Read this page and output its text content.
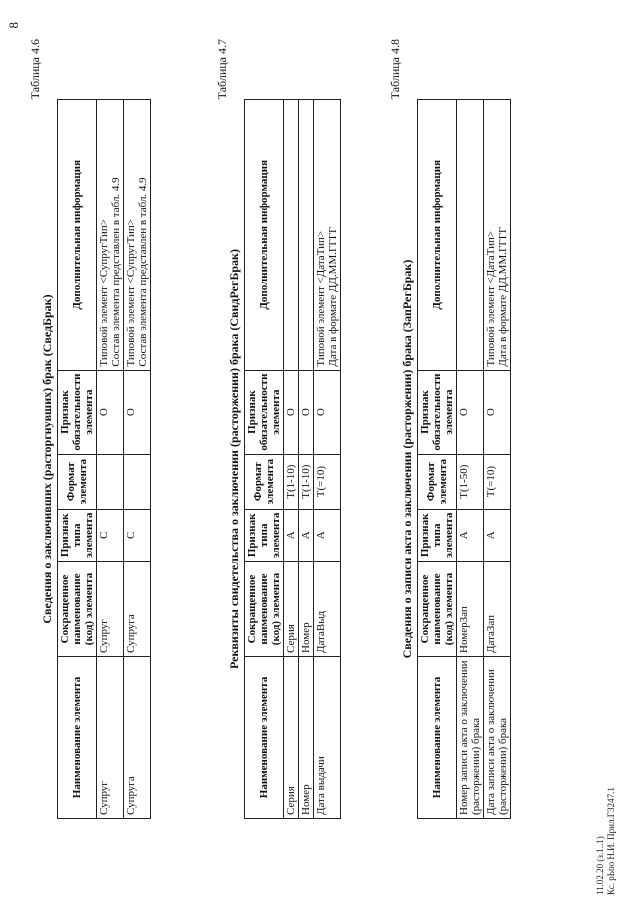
8
Таблица 4.6
Сведения о заключивших (расторгнувших) брак (СведБрак)
Наименование элемента	Сокращенное наименование (код) элемента	Признак типа элемента	Формат элемента	Признак обязательности элемента	Дополнительная информация
Супруг	Супруг	С		О	Типовой элемент <СупругТип> Состав элемента представлен в табл. 4.9

Супруга	Супруга	С		О	Типовой элемент <СупругТип> Состав элемента представлен в табл. 4.9
Таблица 4.7
Реквизиты свидетельства о заключении (расторжении) брака (СвидРегБрак)
Наименование элемента	Сокращенное наименование (код) элемента	Признак типа элемента	Формат элемента	Признак обязательности элемента	Дополнительная информация
Серия	Серия	А	Т(1-10)	О	

Номер	Номер	А	Т(1-10)	О	

Дата выдачи	ДатаВыд	А	Т(=10)	О	Типовой элемент <ДатаТип> Дата в формате ДД.ММ.ГГГГ
Таблица 4.8
Сведения о записи акта о заключении (расторжении) брака (ЗапРегБрак)
Наименование элемента	Сокращенное наименование (код) элемента	Признак типа элемента	Формат элемента	Признак обязательности элемента	Дополнительная информация
Номер записи акта о заключении (расторжении) брака	НомерЗап	А	Т(1-50)	О	

Дата записи акта о заключении (расторжении) брака	ДатаЗап	А	Т(=10)	О	Типовой элемент <ДатаТип> Дата в формате ДД.ММ.ГГГГ
11.02.20 (з.1..1) Кс. рЬtю Н.И. Прил.ГЗ247.1
